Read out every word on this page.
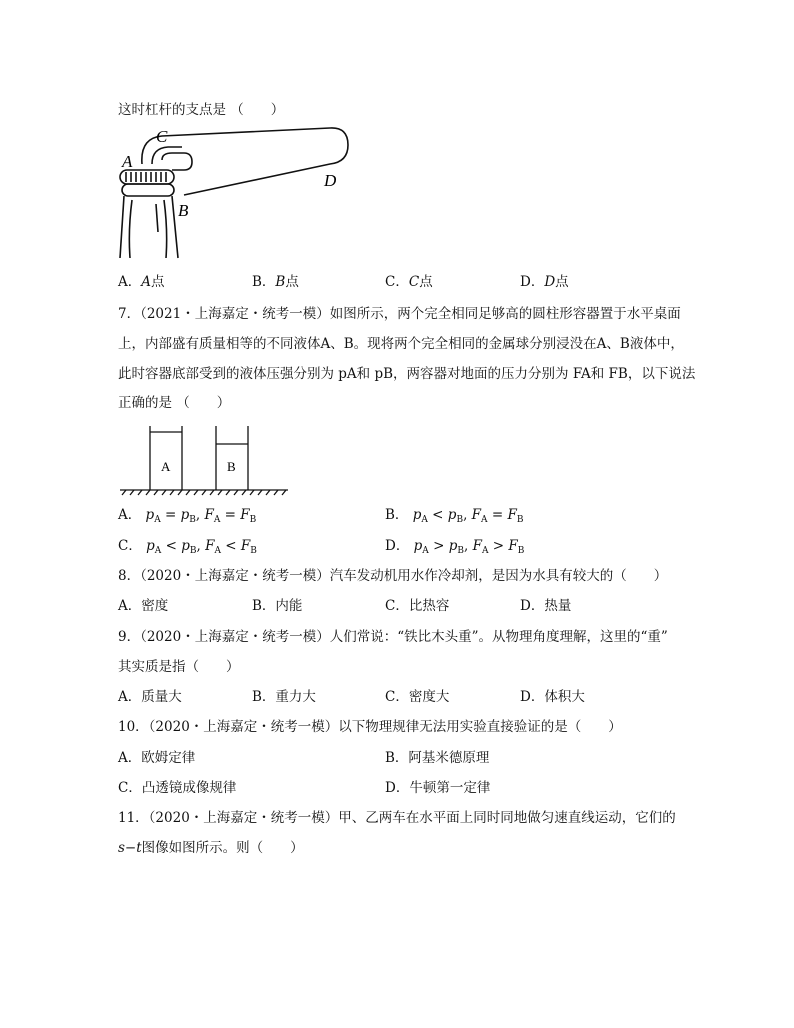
这时杠杆的支点是 （　　）
A
C
B
D
A．A点	B．B点	C．C点	D．D点
7．（2021・上海嘉定・统考一模）如图所示，两个完全相同足够高的圆柱形容器置于水平桌面
上，内部盛有质量相等的不同液体A、B。现将两个完全相同的金属球分别浸没在A、B液体中，
此时容器底部受到的液体压强分别为 pA和 pB，两容器对地面的压力分别为 FA和 FB，以下说法
正确的是 （　　）
A	B
A． $p_A = p_B$, $F_A = F_B$	B． $p_A < p_B$, $F_A = F_B$
C． $p_A < p_B$, $F_A < F_B$	D． $p_A > p_B$, $F_A > F_B$
8．（2020・上海嘉定・统考一模）汽车发动机用水作冷却剂，是因为水具有较大的（　　）
A．密度	B．内能	C．比热容	D．热量
9．（2020・上海嘉定・统考一模）人们常说：“铁比木头重”。从物理角度理解，这里的“重”
其实质是指（　　）
A．质量大	B．重力大	C．密度大	D．体积大
10．（2020・上海嘉定・统考一模）以下物理规律无法用实验直接验证的是（　　）
A．欧姆定律	B．阿基米德原理
C．凸透镜成像规律	D．牛顿第一定律
11．（2020・上海嘉定・统考一模）甲、乙两车在水平面上同时同地做匀速直线运动，它们的
s−t图像如图所示。则（　　）
